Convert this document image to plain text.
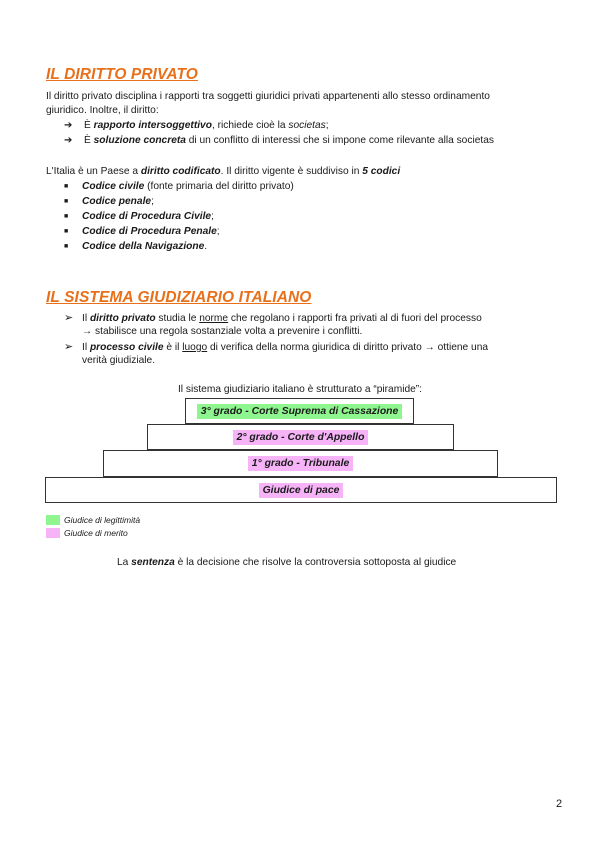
IL DIRITTO PRIVATO
Il diritto privato disciplina i rapporti tra soggetti giuridici privati appartenenti allo stesso ordinamento
giuridico. Inoltre, il diritto:
➔ È rapporto intersoggettivo, richiede cioè la societas;
➔ È soluzione concreta di un conflitto di interessi che si impone come rilevante alla societas
L'Italia è un Paese a diritto codificato. Il diritto vigente è suddiviso in 5 codici
■ Codice civile (fonte primaria del diritto privato)
■ Codice penale;
■ Codice di Procedura Civile;
■ Codice di Procedura Penale;
■ Codice della Navigazione.
IL SISTEMA GIUDIZIARIO ITALIANO
➢ Il diritto privato studia le norme che regolano i rapporti fra privati al di fuori del processo
→ stabilisce una regola sostanziale volta a prevenire i conflitti.
➢ Il processo civile è il luogo di verifica della norma giuridica di diritto privato → ottiene una
verità giudiziale.
Il sistema giudiziario italiano è strutturato a “piramide”:
3° grado - Corte Suprema di Cassazione
2° grado - Corte d'Appello
1° grado - Tribunale
Giudice di pace
Giudice di legittimità
Giudice di merito
La sentenza è la decisione che risolve la controversia sottoposta al giudice
2
